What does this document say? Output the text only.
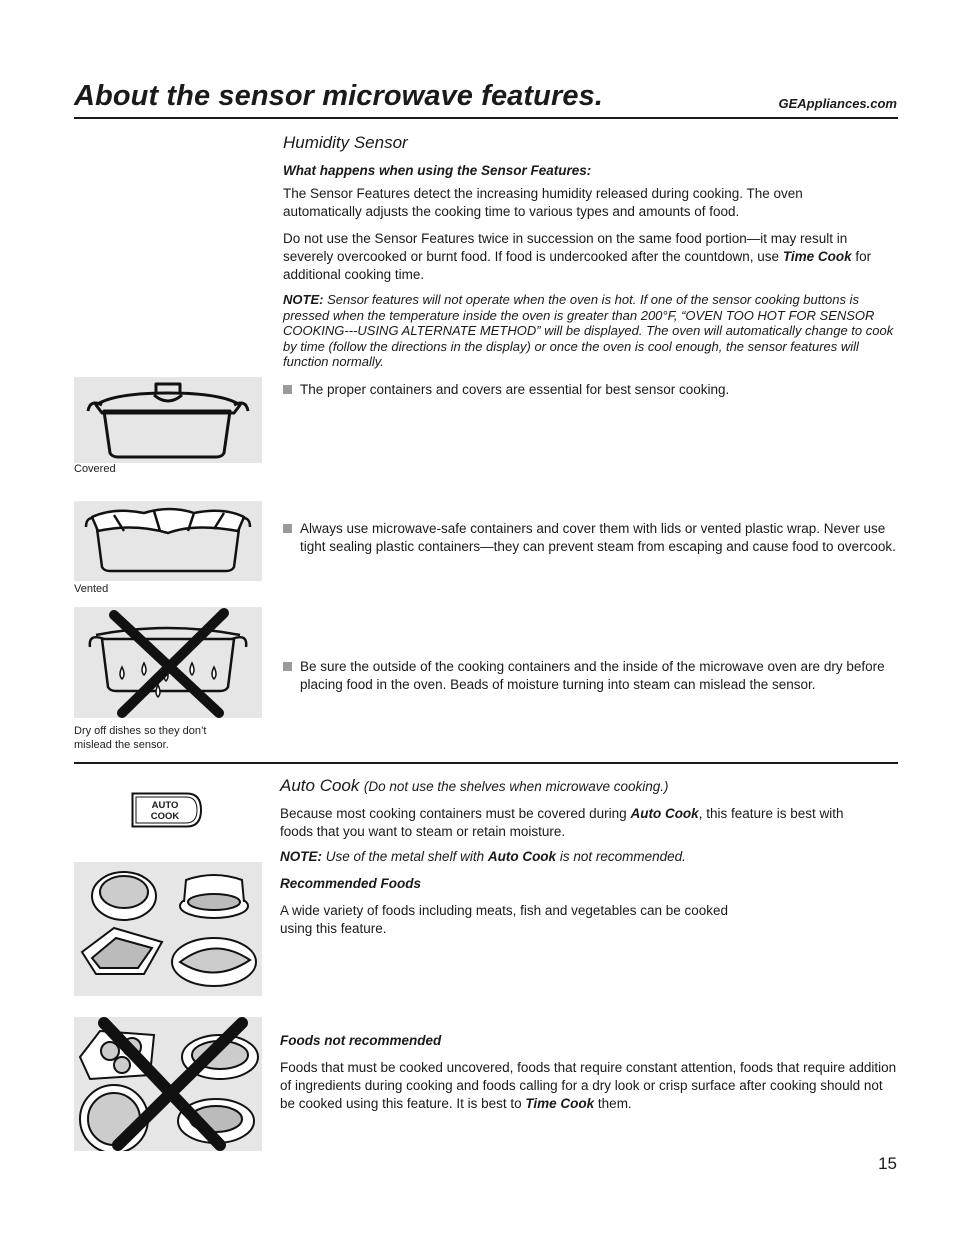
About the sensor microwave features.	GEAppliances.com
Humidity Sensor
What happens when using the Sensor Features:
The Sensor Features detect the increasing humidity released during cooking. The oven automatically adjusts the cooking time to various types and amounts of food.
Do not use the Sensor Features twice in succession on the same food portion—it may result in severely overcooked or burnt food. If food is undercooked after the countdown, use Time Cook for additional cooking time.
NOTE: Sensor features will not operate when the oven is hot. If one of the sensor cooking buttons is pressed when the temperature inside the oven is greater than 200°F, “OVEN TOO HOT FOR SENSOR COOKING---USING ALTERNATE METHOD” will be displayed. The oven will automatically change to cook by time (follow the directions in the display) or once the oven is cool enough, the sensor features will function normally.
Covered
The proper containers and covers are essential for best sensor cooking.
Vented
Always use microwave-safe containers and cover them with lids or vented plastic wrap. Never use tight sealing plastic containers—they can prevent steam from escaping and cause food to overcook.
Dry off dishes so they don’t mislead the sensor.
Be sure the outside of the cooking containers and the inside of the microwave oven are dry before placing food in the oven. Beads of moisture turning into steam can mislead the sensor.
Auto Cook (Do not use the shelves when microwave cooking.)
AUTO
COOK	Because most cooking containers must be covered during Auto Cook, this feature is best with foods that you want to steam or retain moisture.
NOTE: Use of the metal shelf with Auto Cook is not recommended.
Recommended Foods
A wide variety of foods including meats, fish and vegetables can be cooked using this feature.
Foods not recommended
Foods that must be cooked uncovered, foods that require constant attention, foods that require addition of ingredients during cooking and foods calling for a dry look or crisp surface after cooking should not be cooked using this feature. It is best to Time Cook them.
15
